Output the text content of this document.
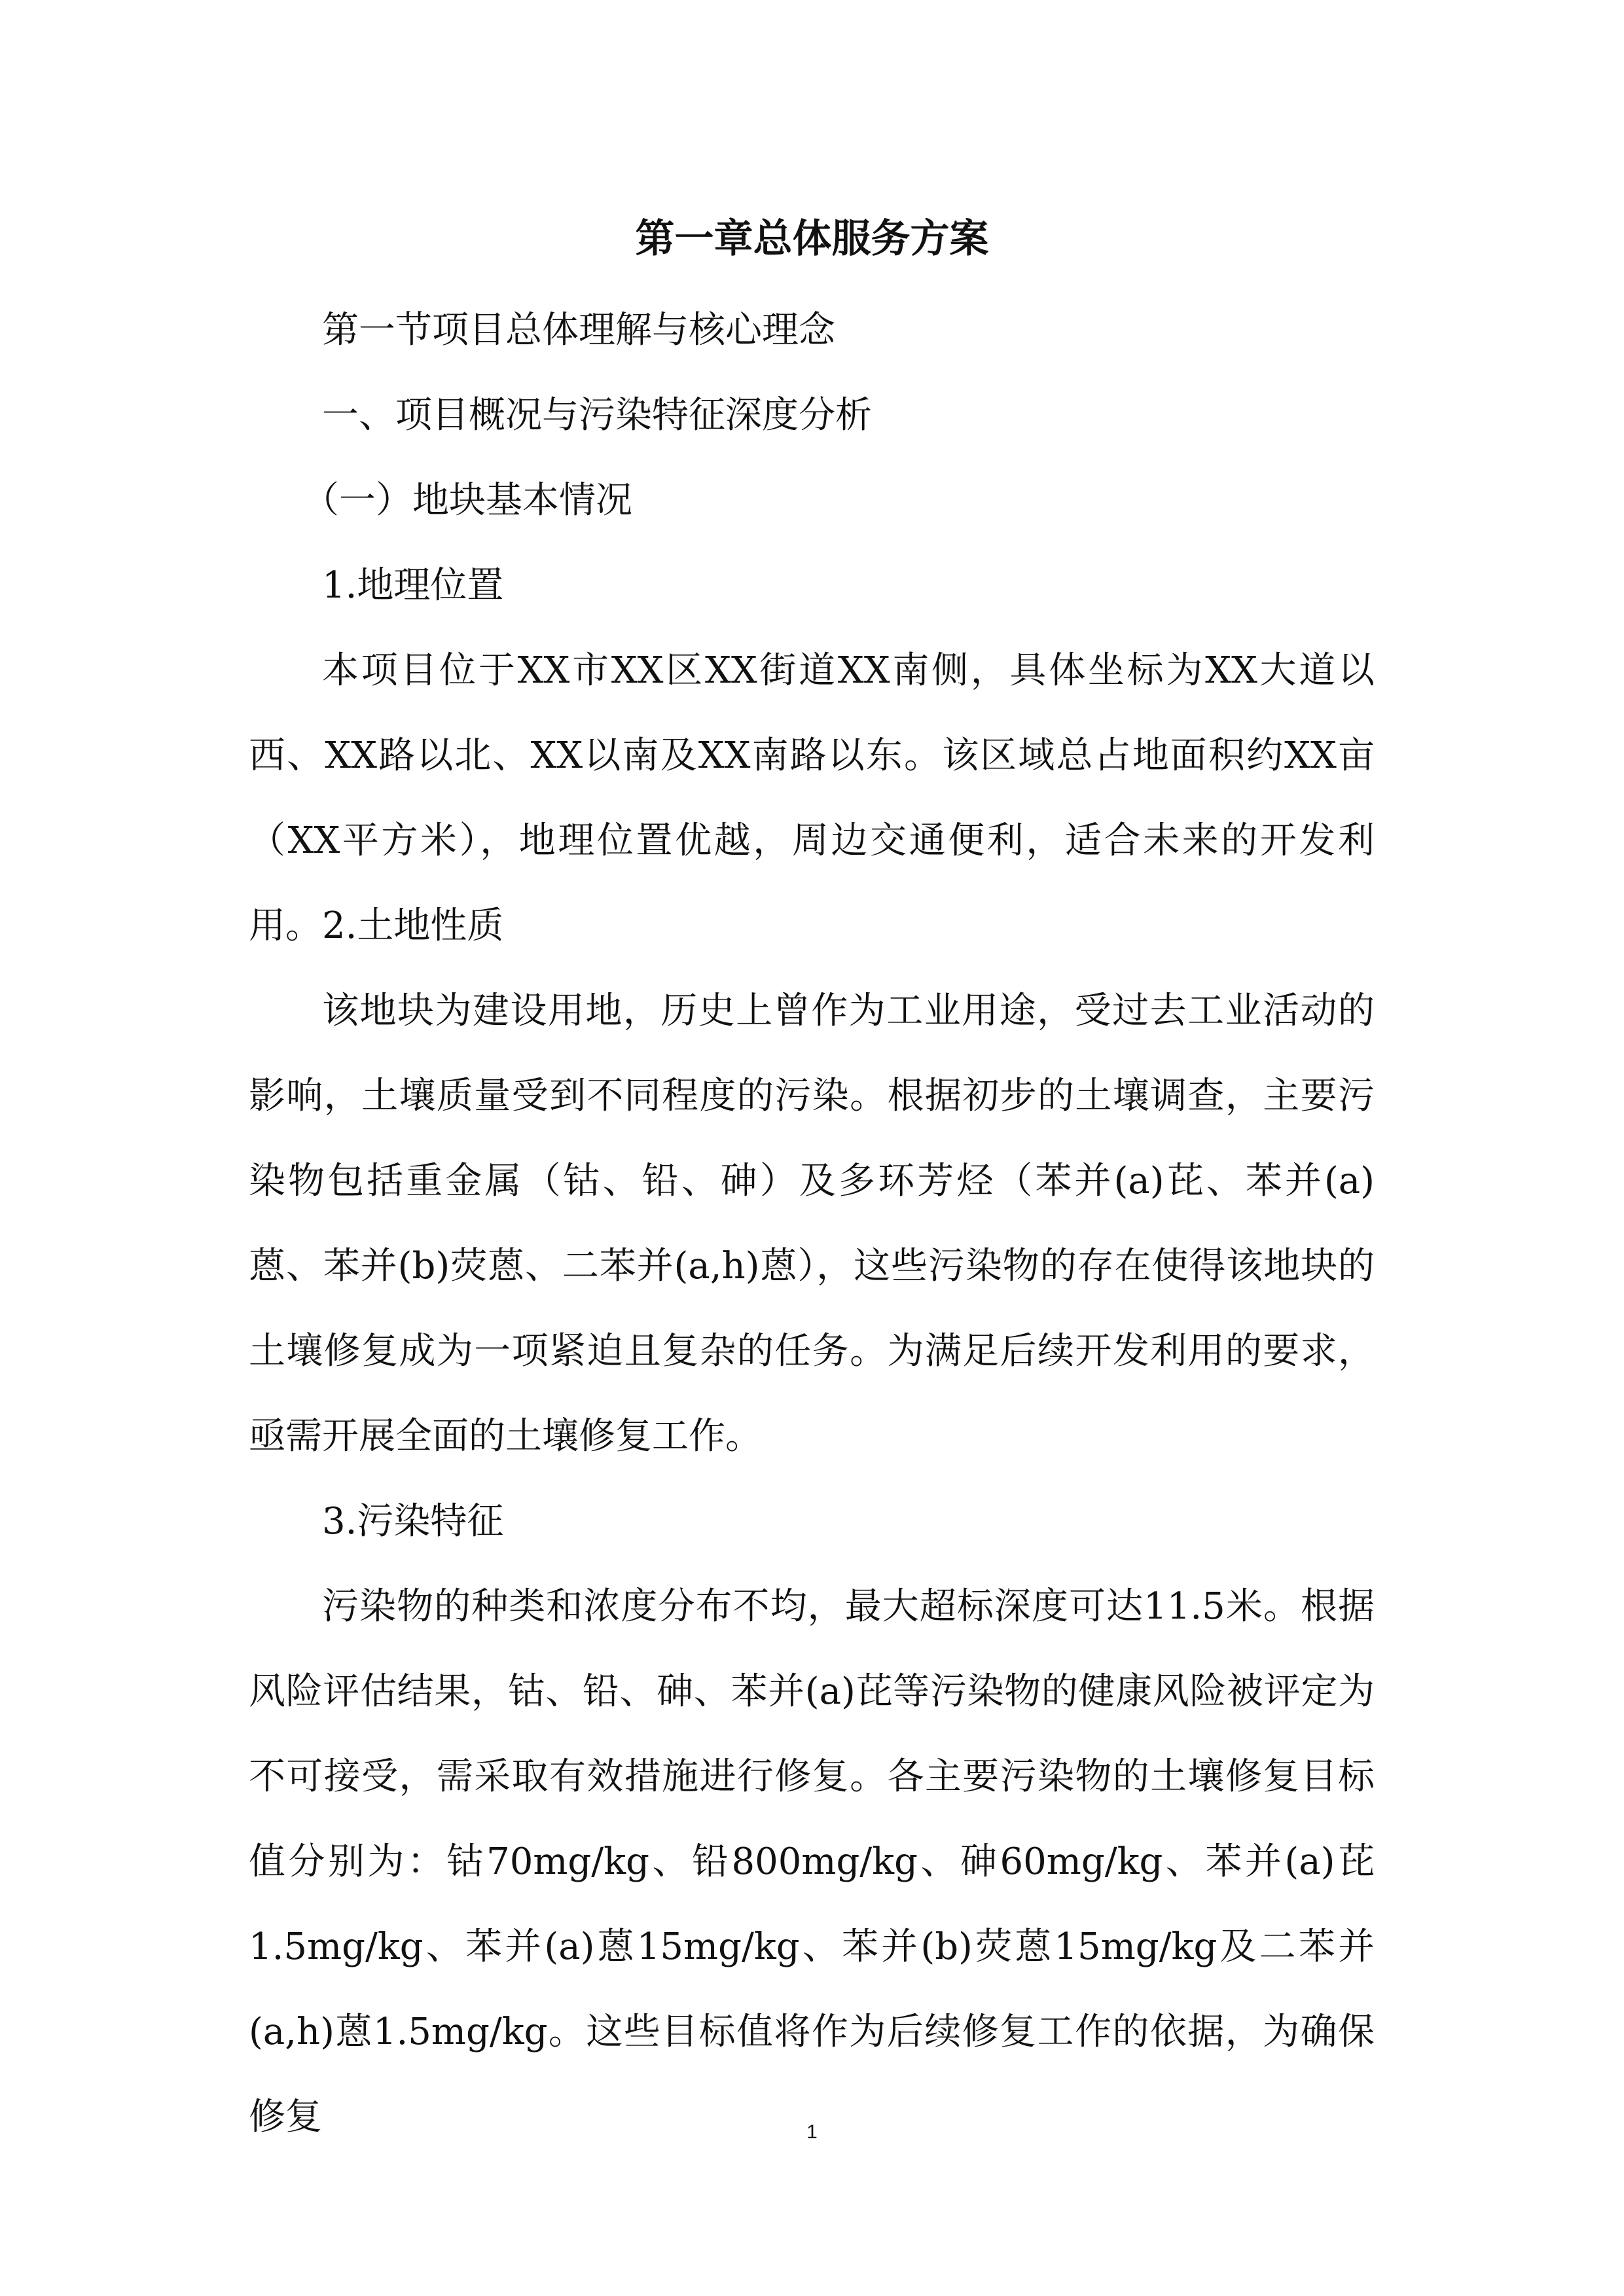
第一章总体服务方案

第一节项目总体理解与核心理念

一、项目概况与污染特征深度分析

（一）地块基本情况

1.地理位置

本项目位于XX市XX区XX街道XX南侧，具体坐标为XX大道以西、XX路以北、XX以南及XX南路以东。该区域总占地面积约XX亩（XX平方米），地理位置优越，周边交通便利，适合未来的开发利用。 2.土地性质

该地块为建设用地，历史上曾作为工业用途，受过去工业活动的影响，土壤质量受到不同程度的污染。根据初步的土壤调查，主要污染物包括重金属（钴、铅、砷）及多环芳烃（苯并(a)芘、苯并(a)蒽、苯并(b)荧蒽、二苯并(a,h)蒽），这些污染物的存在使得该地块的土壤修复成为一项紧迫且复杂的任务。为满足后续开发利用的要求，亟需开展全面的土壤修复工作。

3.污染特征

污染物的种类和浓度分布不均，最大超标深度可达11.5米。根据风险评估结果，钴、铅、砷、苯并(a)芘等污染物的健康风险被评定为不可接受，需采取有效措施进行修复。各主要污染物的土壤修复目标值分别为：钴70mg/kg、铅800mg/kg、砷60mg/kg、苯并(a)芘1.5mg/kg、苯并(a)蒽15mg/kg、苯并(b)荧蒽15mg/kg及二苯并(a,h)蒽1.5mg/kg。这些目标值将作为后续修复工作的依据，为确保修复	1
